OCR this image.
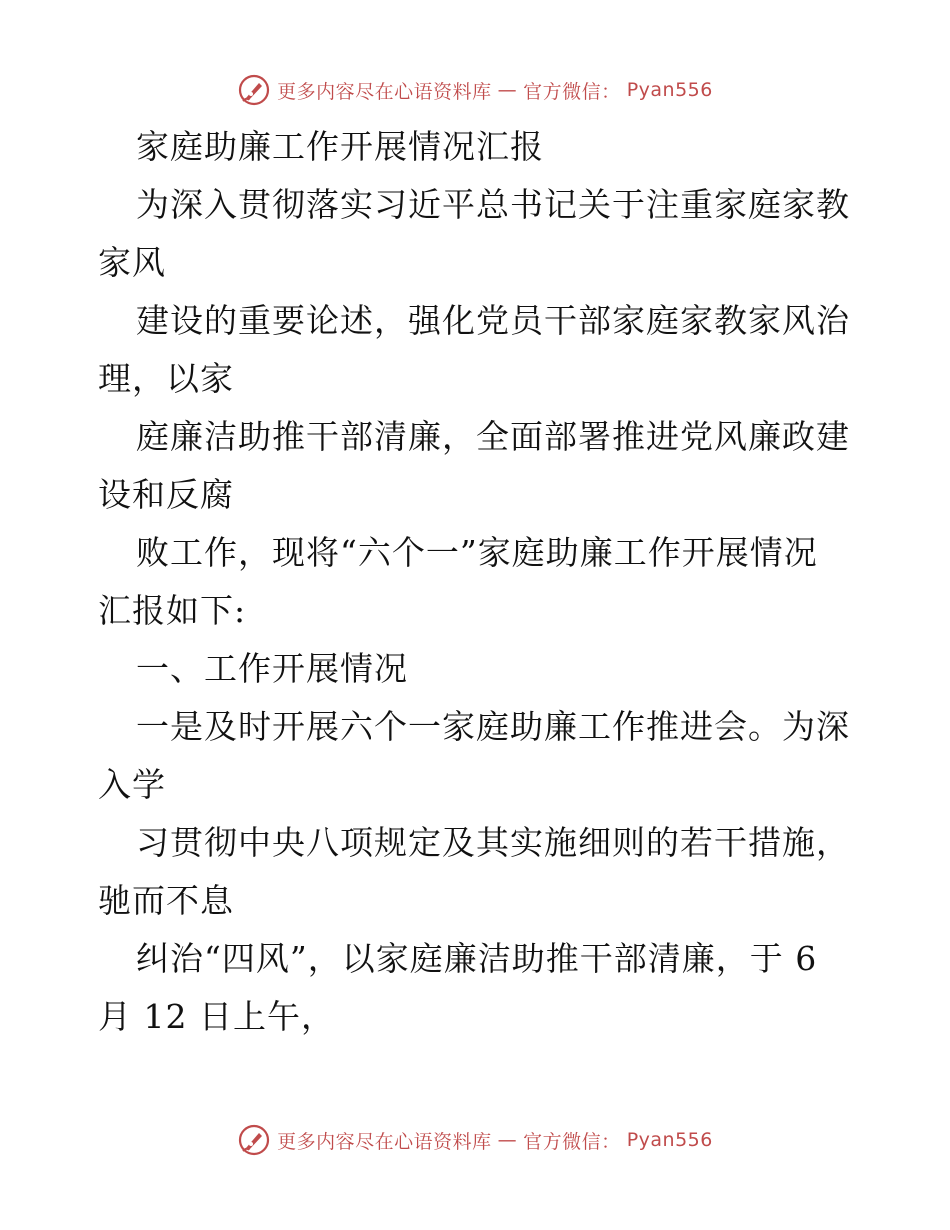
更多内容尽在心语资料库 — 官方微信： Pyan556
家庭助廉工作开展情况汇报
为深入贯彻落实习近平总书记关于注重家庭家教
家风
建设的重要论述，强化党员干部家庭家教家风治
理，以家
庭廉洁助推干部清廉，全面部署推进党风廉政建
设和反腐
败工作，现将“六个一”家庭助廉工作开展情况
汇报如下:
一、工作开展情况
一是及时开展六个一家庭助廉工作推进会。为深
入学
习贯彻中央八项规定及其实施细则的若干措施，
驰而不息
纠治“四风”，以家庭廉洁助推干部清廉，于 6
月 12 日上午，
更多内容尽在心语资料库 — 官方微信： Pyan556
